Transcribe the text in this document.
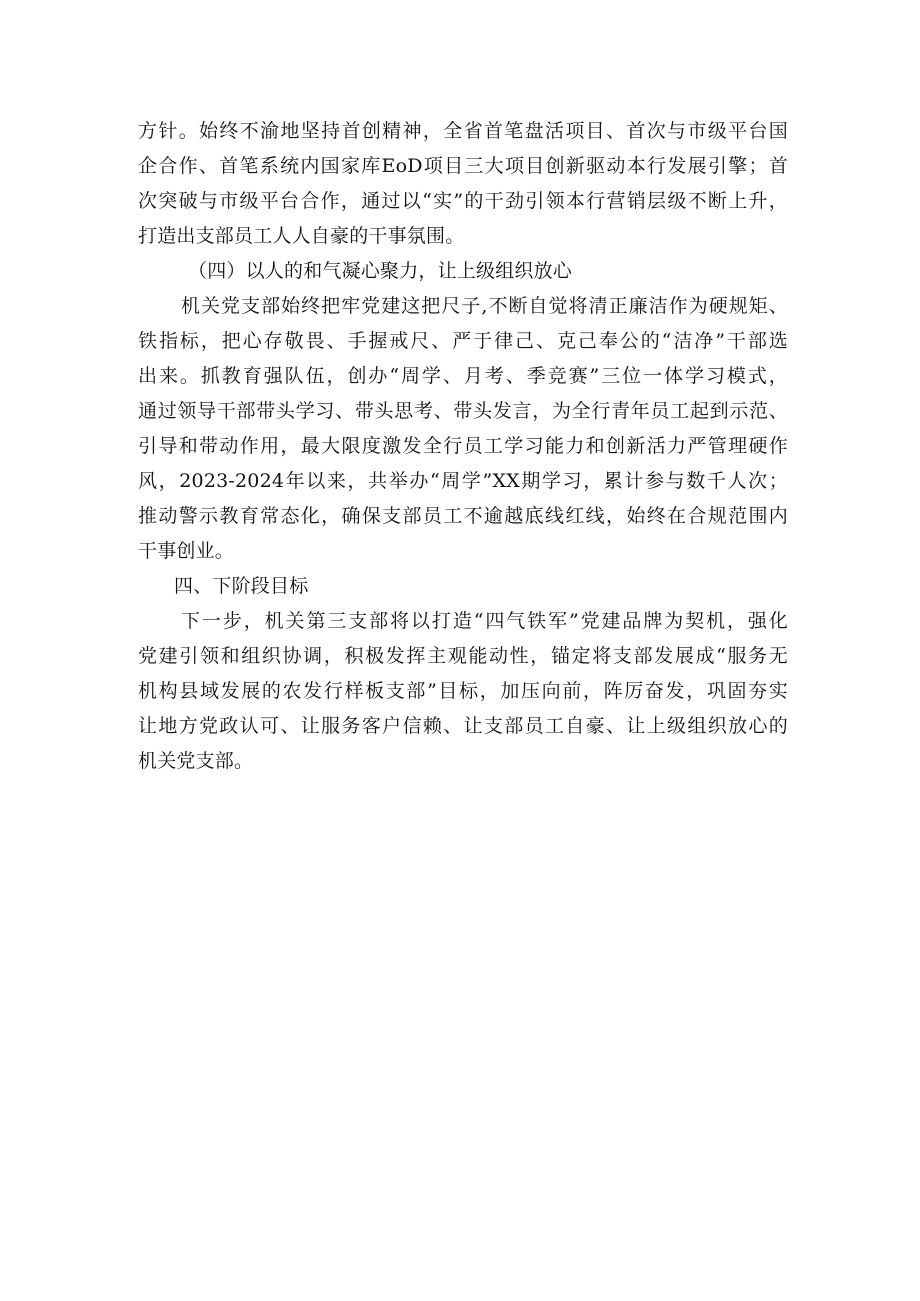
方针。始终不渝地坚持首创精神，全省首笔盘活项目、首次与市级平台国
企合作、首笔系统内国家库EoD项目三大项目创新驱动本行发展引擎；首
次突破与市级平台合作，通过以“实”的干劲引领本行营销层级不断上升，
打造出支部员工人人自豪的干事氛围。
（四）以人的和气凝心聚力，让上级组织放心
机关党支部始终把牢党建这把尺子,不断自觉将清正廉洁作为硬规矩、
铁指标，把心存敬畏、手握戒尺、严于律己、克己奉公的“洁净”干部选
出来。抓教育强队伍，创办“周学、月考、季竞赛”三位一体学习模式，
通过领导干部带头学习、带头思考、带头发言，为全行青年员工起到示范、
引导和带动作用，最大限度激发全行员工学习能力和创新活力严管理硬作
风，2023-2024年以来，共举办“周学”XX期学习，累计参与数千人次；
推动警示教育常态化，确保支部员工不逾越底线红线，始终在合规范围内
干事创业。
四、下阶段目标
下一步，机关第三支部将以打造“四气铁军”党建品牌为契机，强化
党建引领和组织协调，积极发挥主观能动性，锚定将支部发展成“服务无
机构县域发展的农发行样板支部”目标，加压向前，阵厉奋发，巩固夯实
让地方党政认可、让服务客户信赖、让支部员工自豪、让上级组织放心的
机关党支部。
